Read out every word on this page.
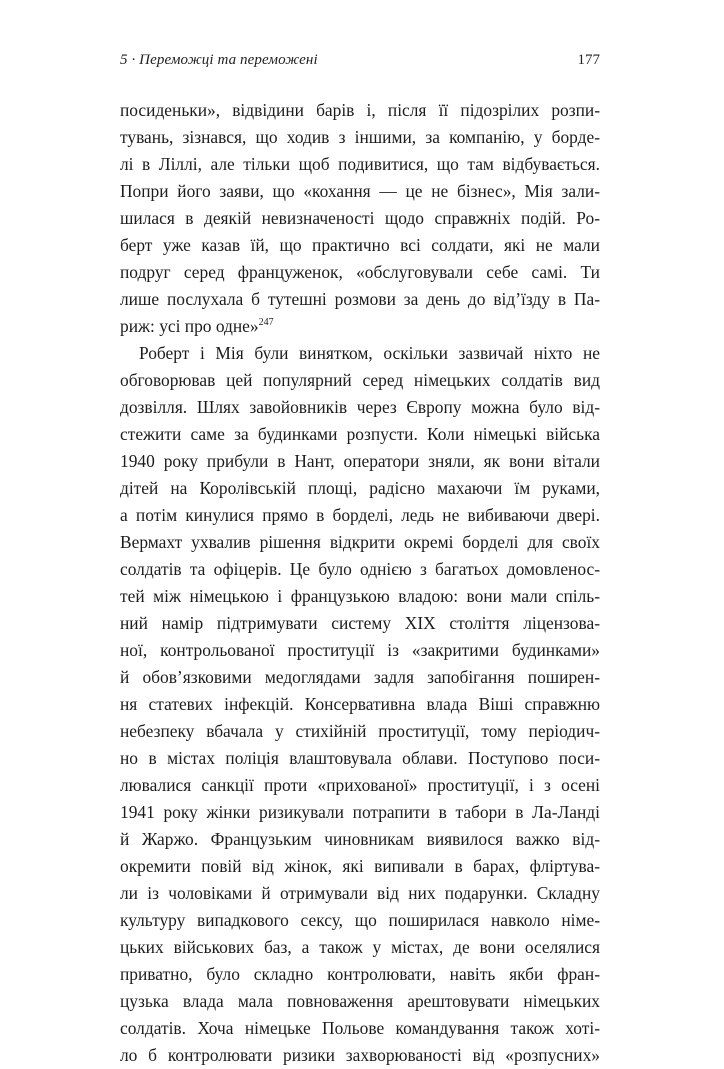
5 · Переможці та переможені	177
посиденьки», відвідини барів і, після її підозрілих розпи-
тувань, зізнався, що ходив з іншими, за компанію, у борде-
лі в Ліллі, але тільки щоб подивитися, що там відбувається.
Попри його заяви, що «кохання — це не бізнес», Мія зали-
шилася в деякій невизначеності щодо справжніх подій. Ро-
берт уже казав їй, що практично всі солдати, які не мали
подруг серед француженок, «обслуговували себе самі. Ти
лише послухала б тутешні розмови за день до від’їзду в Па-
риж: усі про одне»$^{247}$
Роберт і Мія були винятком, оскільки зазвичай ніхто не
обговорював цей популярний серед німецьких солдатів вид
дозвілля. Шлях завойовників через Європу можна було від-
стежити саме за будинками розпусти. Коли німецькі війська
1940 року прибули в Нант, оператори зняли, як вони вітали
дітей на Королівській площі, радісно махаючи їм руками,
а потім кинулися прямо в борделі, ледь не вибиваючи двері.
Вермахт ухвалив рішення відкрити окремі борделі для своїх
солдатів та офіцерів. Це було однією з багатьох домовленос-
тей між німецькою і французькою владою: вони мали спіль-
ний намір підтримувати систему XIX століття ліцензова-
ної, контрольованої проституції із «закритими будинками»
й обов’язковими медоглядами задля запобігання поширен-
ня статевих інфекцій. Консервативна влада Віші справжню
небезпеку вбачала у стихійній проституції, тому періодич-
но в містах поліція влаштовувала облави. Поступово поси-
лювалися санкції проти «прихованої» проституції, і з осені
1941 року жінки ризикували потрапити в табори в Ла-Ланді
й Жаржо. Французьким чиновникам виявилося важко від-
окремити повій від жінок, які випивали в барах, фліртува-
ли із чоловіками й отримували від них подарунки. Складну
культуру випадкового сексу, що поширилася навколо німе-
цьких військових баз, а також у містах, де вони оселялися
приватно, було складно контролювати, навіть якби фран-
цузька влада мала повноваження арештовувати німецьких
солдатів. Хоча німецьке Польове командування також хоті-
ло б контролювати ризики захворюваності від «розпусних»
